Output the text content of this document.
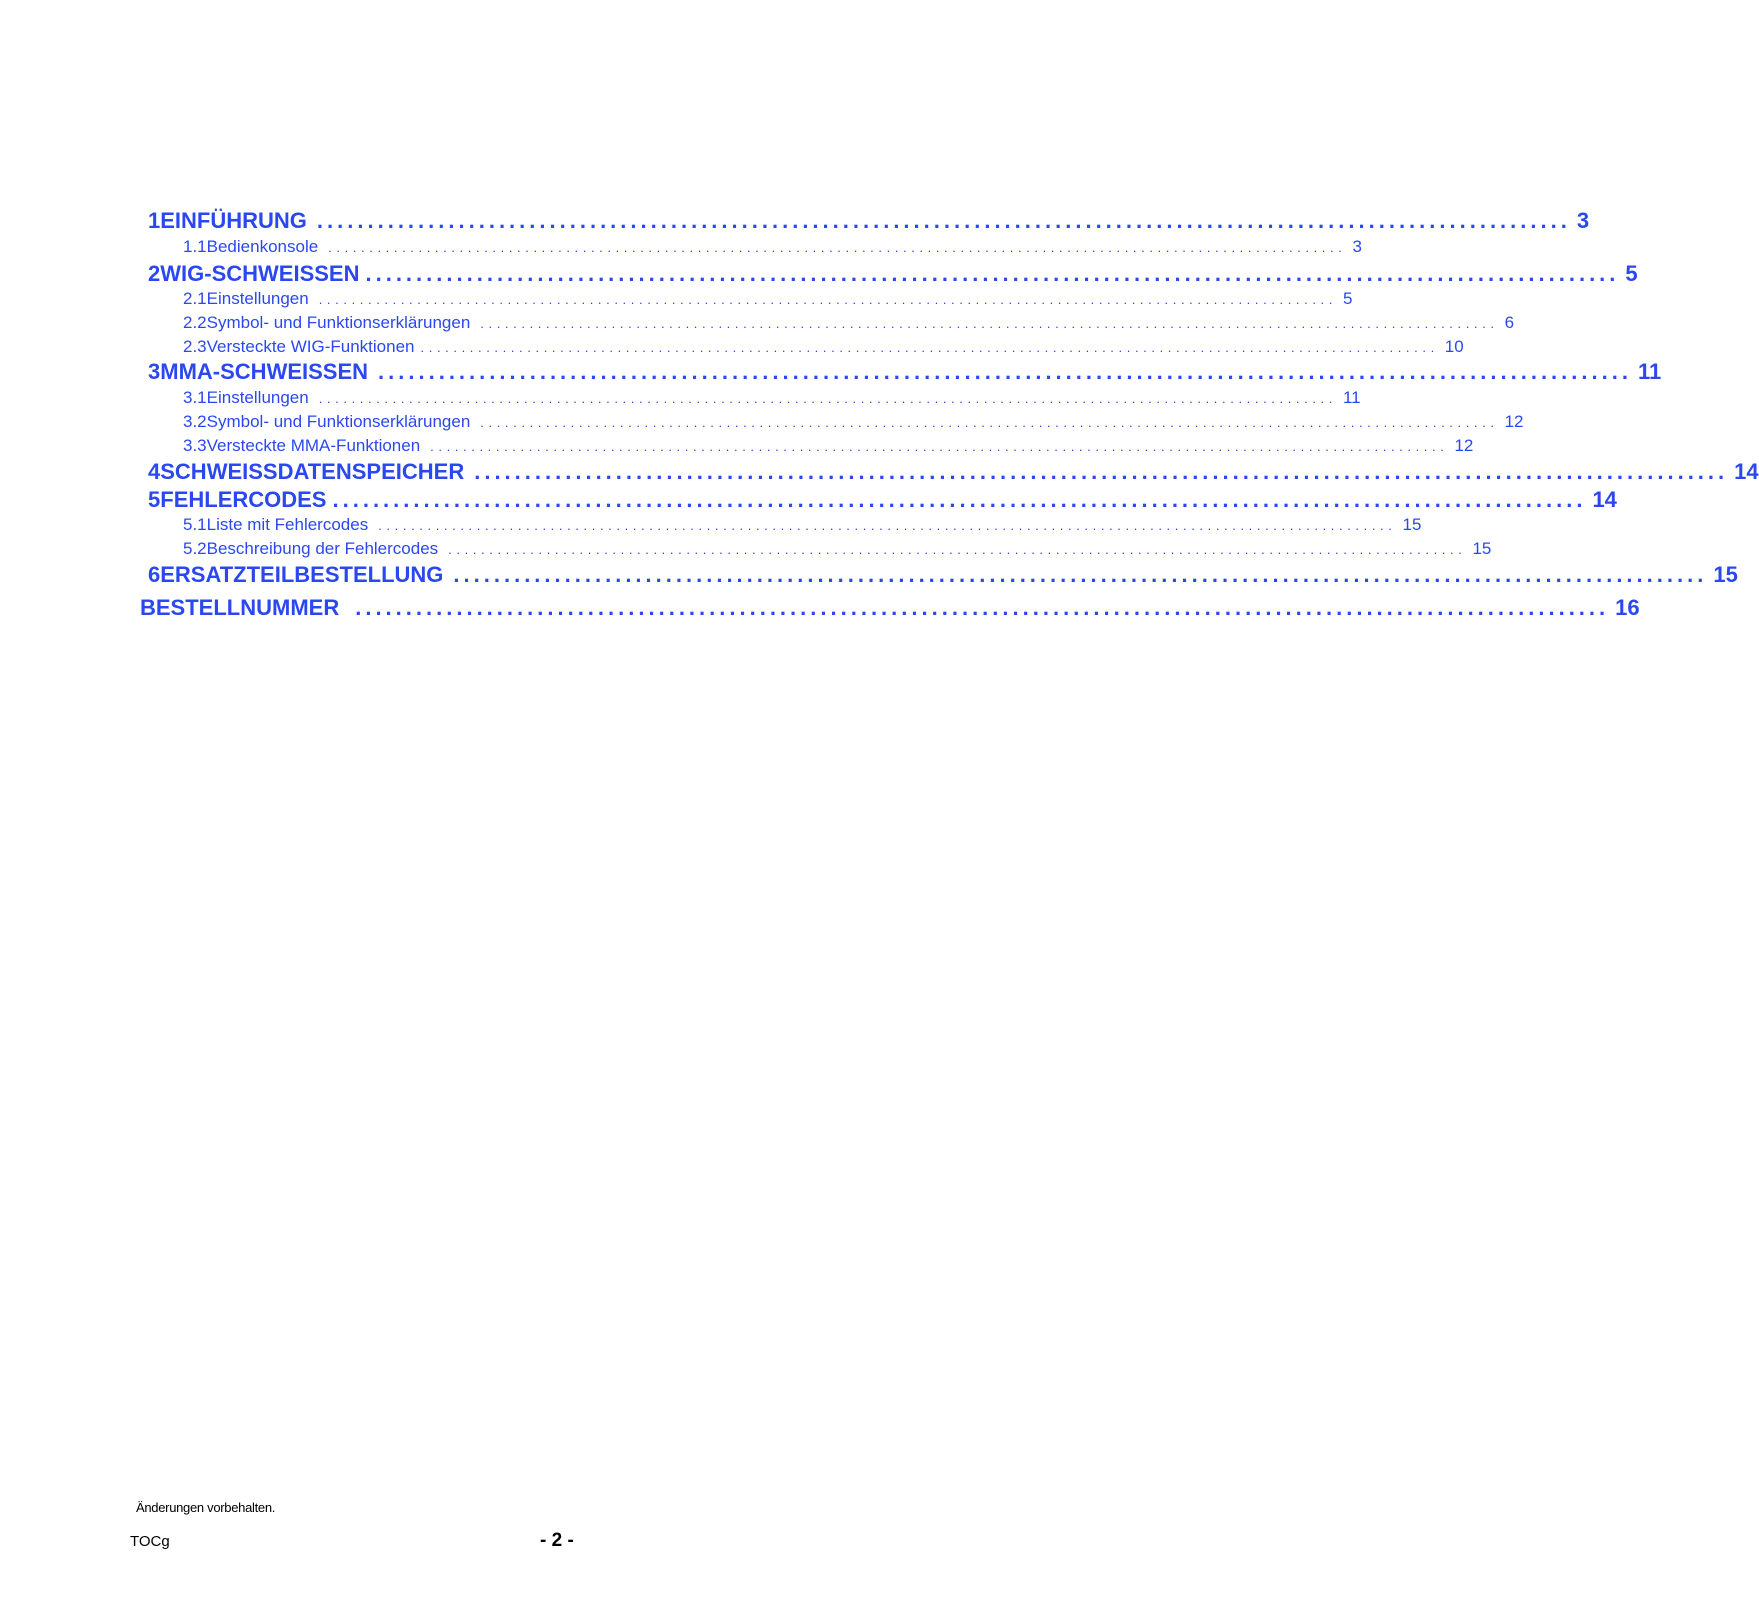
1 EINFÜHRUNG ............................................................................................................................ 3
1.1 Bedienkonsole ............................................................................................................................ 3
2 WIG-SCHWEISSEN ............................................................................................................................ 5
2.1 Einstellungen ............................................................................................................................ 5
2.2 Symbol- und Funktionserklärungen ............................................................................................................................ 6
2.3 Versteckte WIG-Funktionen ............................................................................................................................ 10
3 MMA-SCHWEISSEN ............................................................................................................................ 11
3.1 Einstellungen ............................................................................................................................ 11
3.2 Symbol- und Funktionserklärungen ............................................................................................................................ 12
3.3 Versteckte MMA-Funktionen ............................................................................................................................ 12
4 SCHWEISSDATENSPEICHER ............................................................................................................................ 14
5 FEHLERCODES ............................................................................................................................ 14
5.1 Liste mit Fehlercodes ............................................................................................................................ 15
5.2 Beschreibung der Fehlercodes ............................................................................................................................ 15
6 ERSATZTEILBESTELLUNG ............................................................................................................................ 15
BESTELLNUMMER ............................................................................................................................ 16
Änderungen vorbehalten.
TOCg	- 2 -
